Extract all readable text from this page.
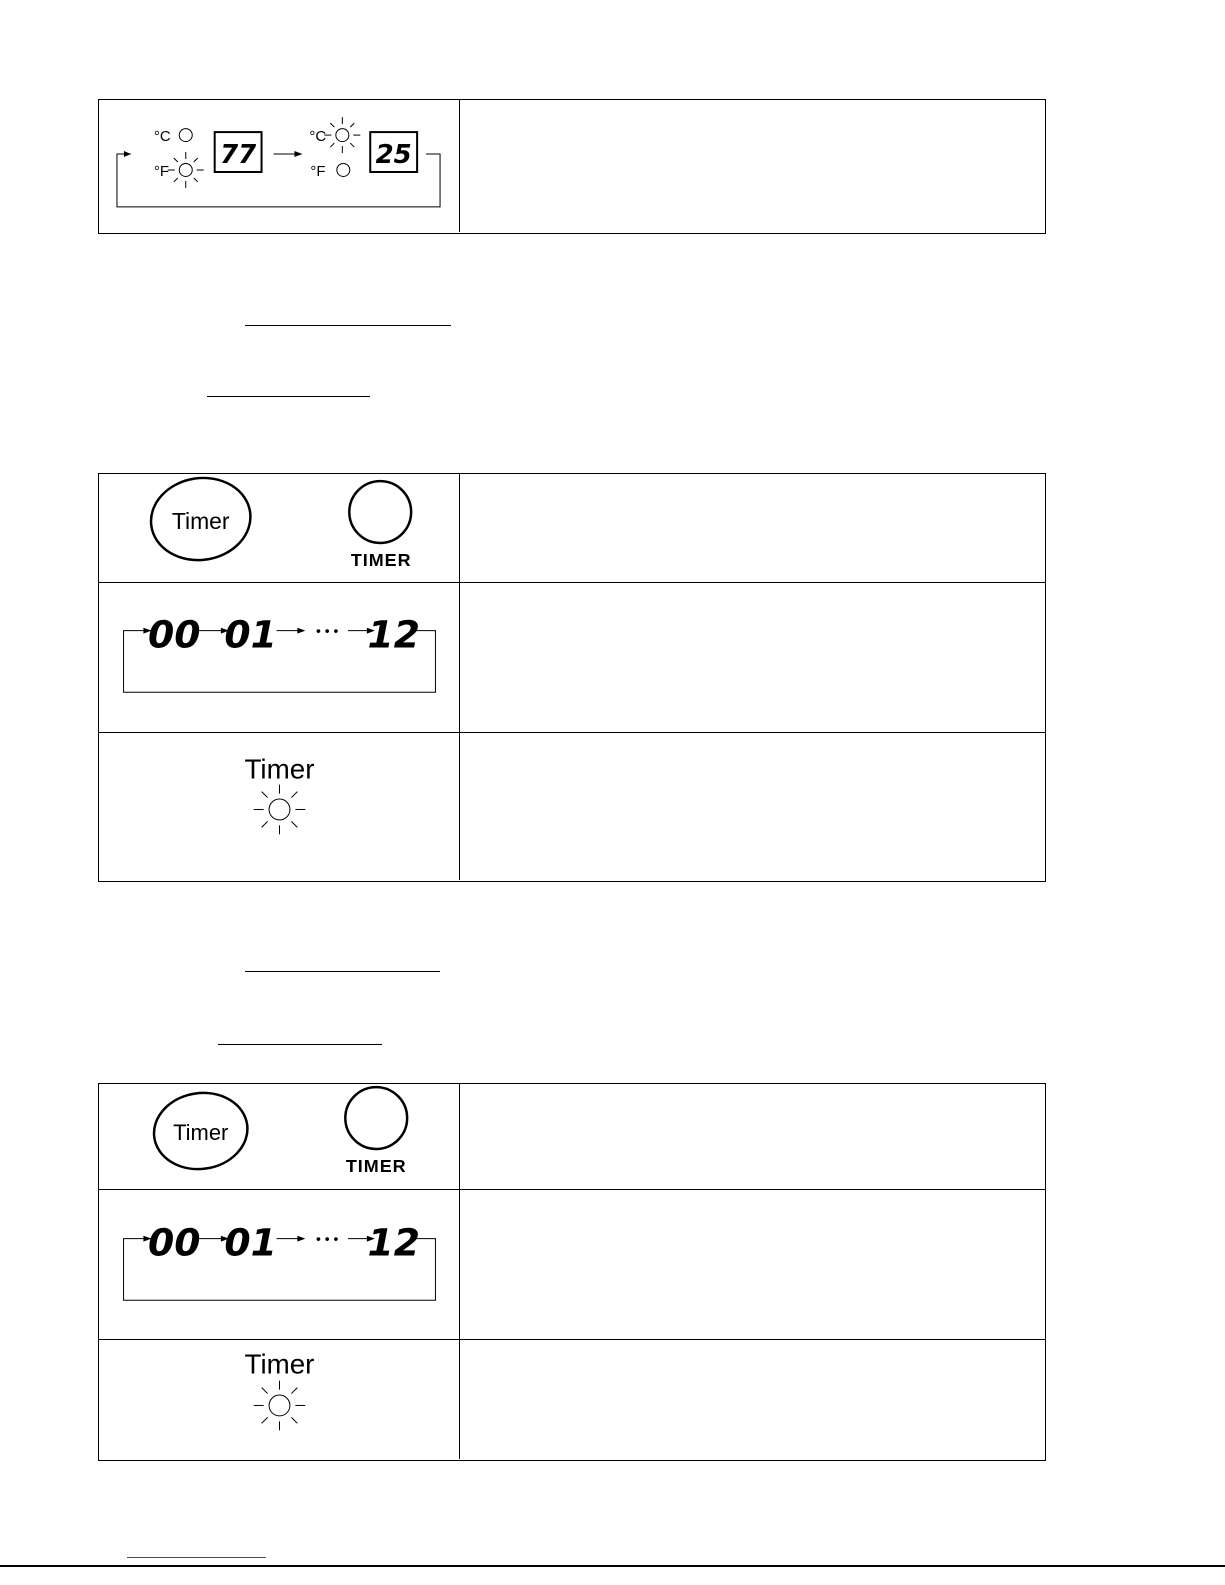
°C
°F
77
°C
°F
25
Timer
TIMER
00 01	• • • 12
Timer
Timer
TIMER
00 01	• • • 12
Timer
